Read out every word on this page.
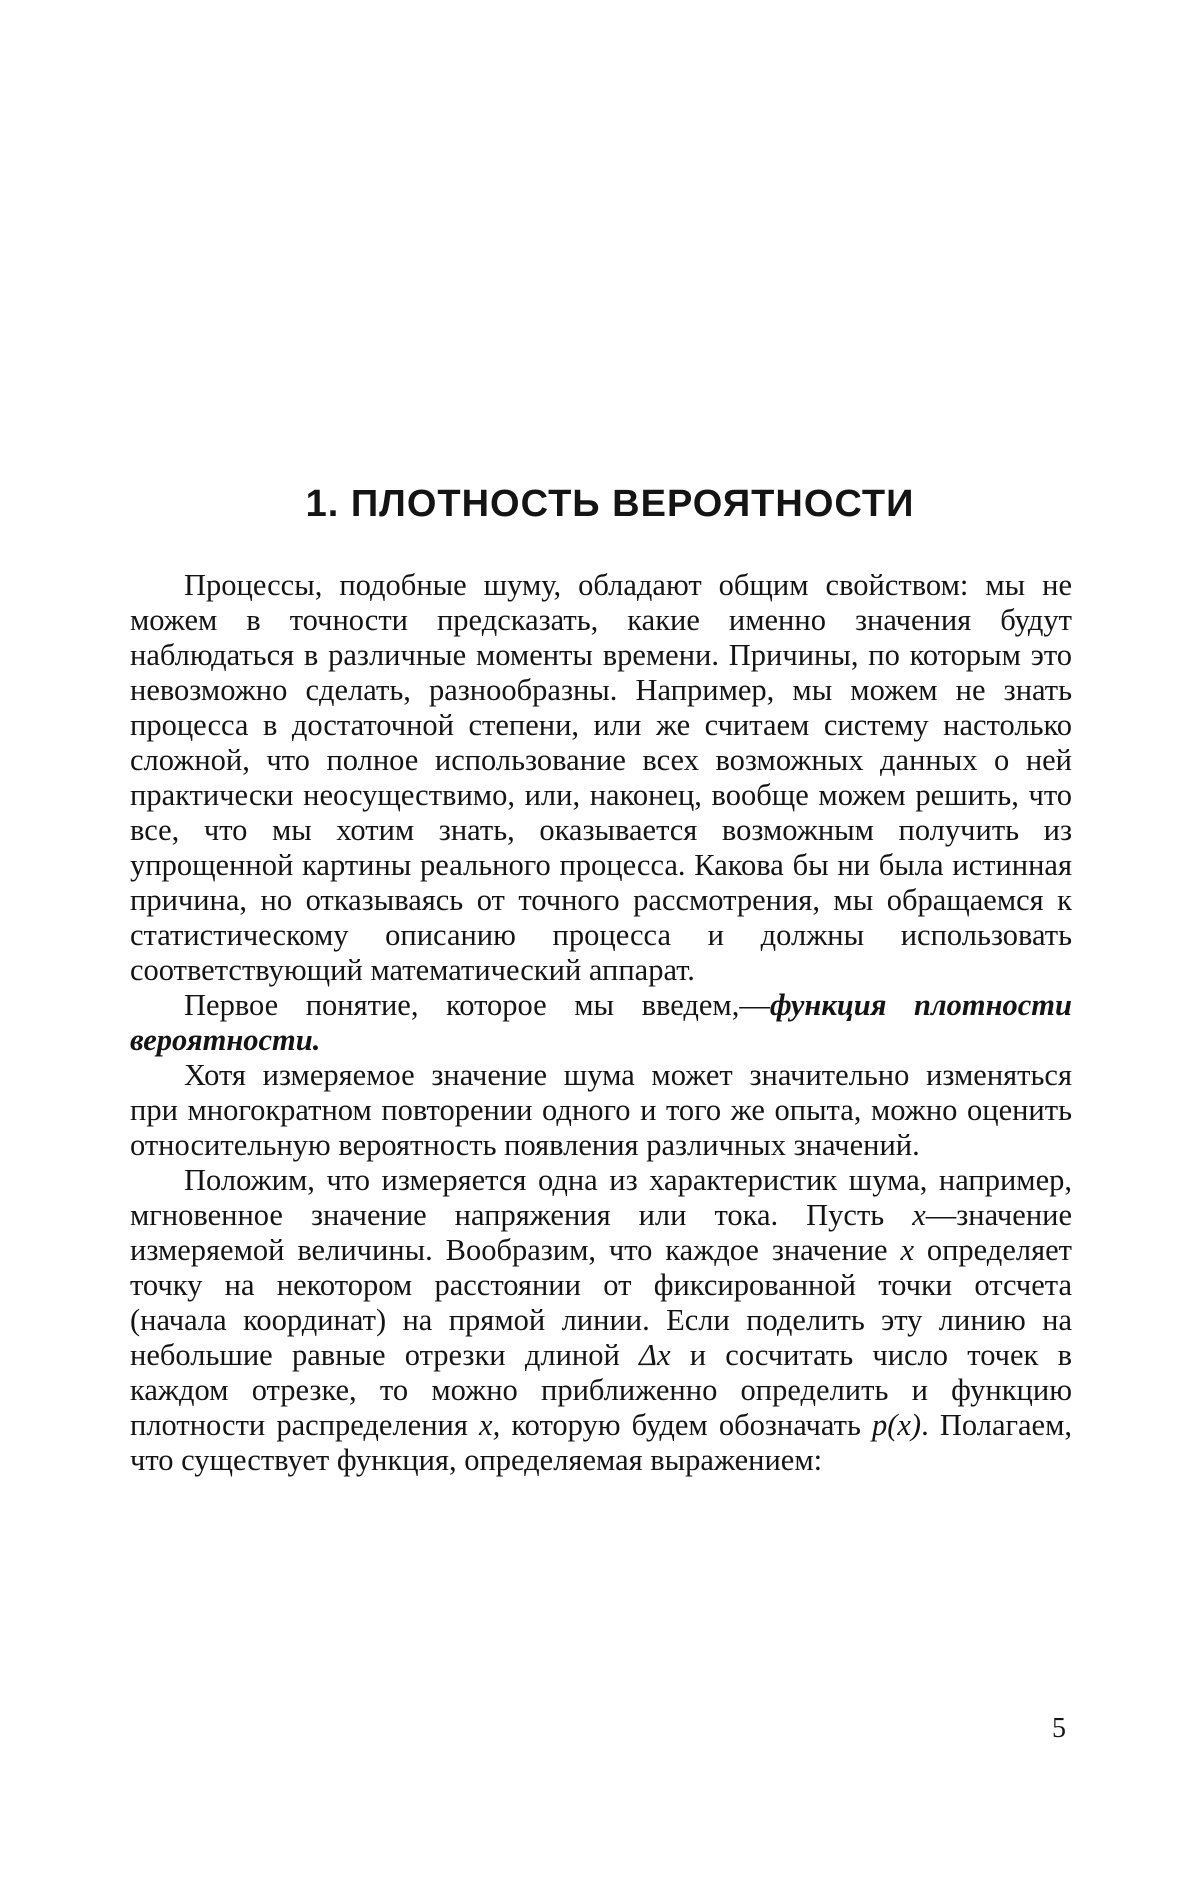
1. ПЛОТНОСТЬ ВЕРОЯТНОСТИ

Процессы, подобные шуму, обладают общим свойством: мы не можем в точности предсказать, какие именно значения будут наблюдаться в различные моменты времени. Причины, по которым это невозможно сделать, разнообразны. Например, мы можем не знать процесса в достаточной степени, или же считаем систему настолько сложной, что полное использование всех возможных данных о ней практически неосуществимо, или, наконец, вообще можем решить, что все, что мы хотим знать, оказывается возможным получить из упрощенной картины реального процесса. Какова бы ни была истинная причина, но отказываясь от точного рассмотрения, мы обращаемся к статистическому описанию процесса и должны использовать соответствующий математический аппарат.

Первое понятие, которое мы введем,—функция плотности вероятности.

Хотя измеряемое значение шума может значительно изменяться при многократном повторении одного и того же опыта, можно оценить относительную вероятность появления различных значений.

Положим, что измеряется одна из характеристик шума, например, мгновенное значение напряжения или тока. Пусть x—значение измеряемой величины. Вообразим, что каждое значение x определяет точку на некотором расстоянии от фиксированной точки отсчета (начала координат) на прямой линии. Если поделить эту линию на небольшие равные отрезки длиной Δx и сосчитать число точек в каждом отрезке, то можно приближенно определить и функцию плотности распределения x, которую будем обозначать p(x). Полагаем, что существует функция, определяемая выражением:

5
